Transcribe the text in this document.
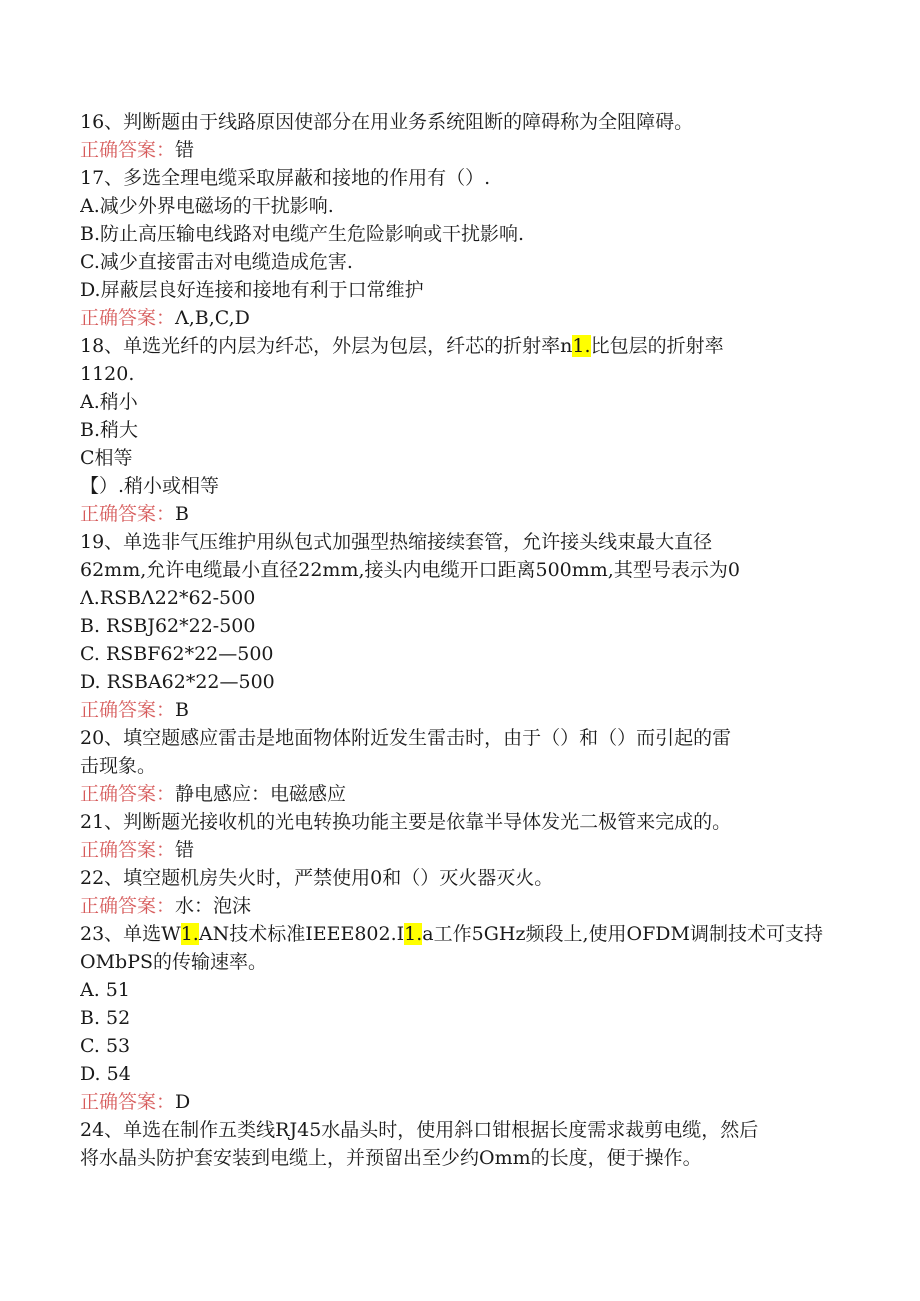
16、判断题由于线路原因使部分在用业务系统阻断的障碍称为全阻障碍。
正确答案：错
17、多选全理电缆采取屏蔽和接地的作用有（）.
A.减少外界电磁场的干扰影响.
B.防止高压输电线路对电缆产生危险影响或干扰影响.
C.减少直接雷击对电缆造成危害.
D.屏蔽层良好连接和接地有利于口常维护
正确答案：Λ,B,C,D
18、单选光纤的内层为纤芯，外层为包层，纤芯的折射率n1.比包层的折射率
1120.
A.稍小
B.稍大
C相等
【）.稍小或相等
正确答案：B
19、单选非气压维护用纵包式加强型热缩接续套管，允许接头线束最大直径
62mm,允许电缆最小直径22mm,接头内电缆开口距离500mm,其型号表示为0
Λ.RSBΛ22*62-500
B. RSBJ62*22-500
C. RSBF62*22—500
D. RSBA62*22—500
正确答案：B
20、填空题感应雷击是地面物体附近发生雷击时，由于（）和（）而引起的雷
击现象。
正确答案：静电感应：电磁感应
21、判断题光接收机的光电转换功能主要是依靠半导体发光二极管来完成的。
正确答案：错
22、填空题机房失火时，严禁使用0和（）灭火器灭火。
正确答案：水：泡沫
23、单选W1.AN技术标准IEEE802.I1.a工作5GHz频段上,使用OFDM调制技术可支持
OMbPS的传输速率。
A. 51
B. 52
C. 53
D. 54
正确答案：D
24、单选在制作五类线RJ45水晶头时，使用斜口钳根据长度需求裁剪电缆，然后
将水晶头防护套安装到电缆上，并预留出至少约Omm的长度，便于操作。
